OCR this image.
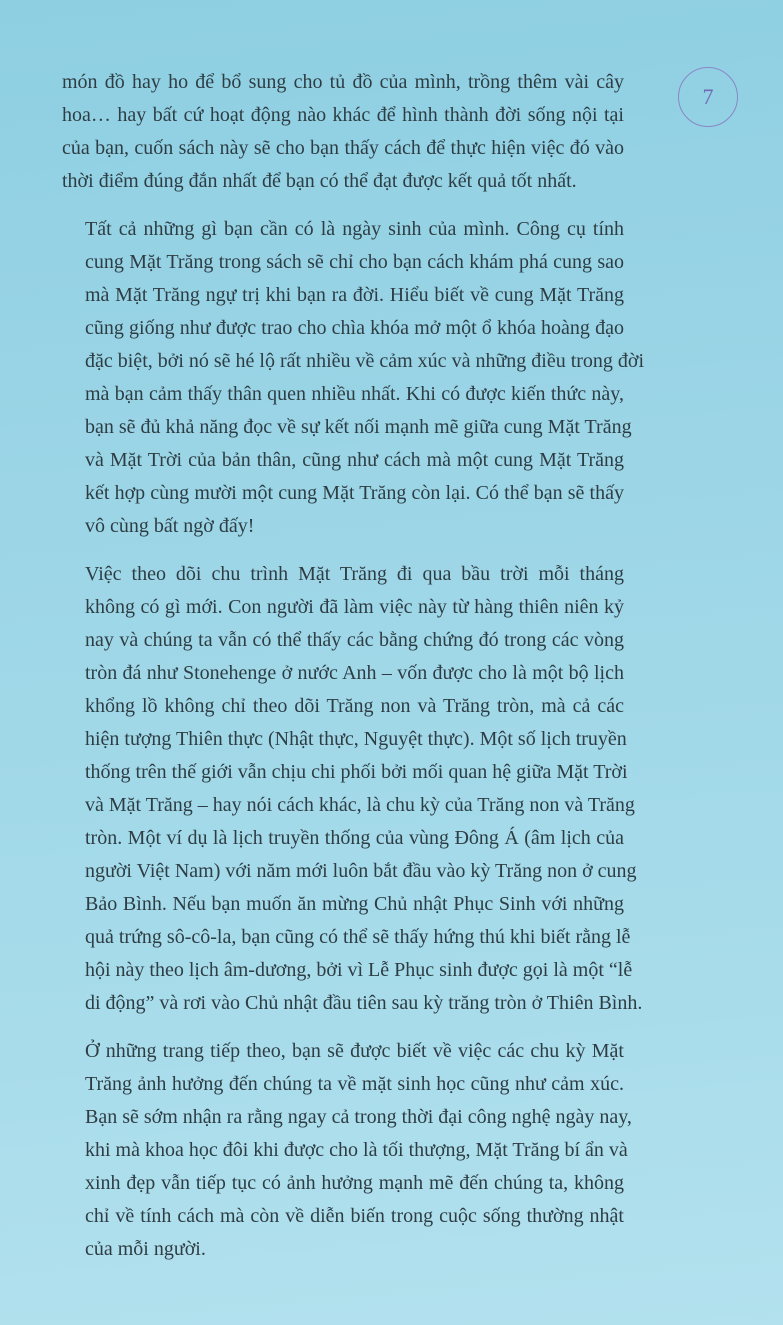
7

món đồ hay ho để bổ sung cho tủ đồ của mình, trồng thêm vài cây
hoa… hay bất cứ hoạt động nào khác để hình thành đời sống nội tại
của bạn, cuốn sách này sẽ cho bạn thấy cách để thực hiện việc đó vào
thời điểm đúng đắn nhất để bạn có thể đạt được kết quả tốt nhất.

Tất cả những gì bạn cần có là ngày sinh của mình. Công cụ tính
cung Mặt Trăng trong sách sẽ chỉ cho bạn cách khám phá cung sao
mà Mặt Trăng ngự trị khi bạn ra đời. Hiểu biết về cung Mặt Trăng
cũng giống như được trao cho chìa khóa mở một ổ khóa hoàng đạo
đặc biệt, bởi nó sẽ hé lộ rất nhiều về cảm xúc và những điều trong đời
mà bạn cảm thấy thân quen nhiều nhất. Khi có được kiến thức này,
bạn sẽ đủ khả năng đọc về sự kết nối mạnh mẽ giữa cung Mặt Trăng
và Mặt Trời của bản thân, cũng như cách mà một cung Mặt Trăng
kết hợp cùng mười một cung Mặt Trăng còn lại. Có thể bạn sẽ thấy
vô cùng bất ngờ đấy!

Việc theo dõi chu trình Mặt Trăng đi qua bầu trời mỗi tháng
không có gì mới. Con người đã làm việc này từ hàng thiên niên kỷ
nay và chúng ta vẫn có thể thấy các bằng chứng đó trong các vòng
tròn đá như Stonehenge ở nước Anh – vốn được cho là một bộ lịch
khổng lồ không chỉ theo dõi Trăng non và Trăng tròn, mà cả các
hiện tượng Thiên thực (Nhật thực, Nguyệt thực). Một số lịch truyền
thống trên thế giới vẫn chịu chi phối bởi mối quan hệ giữa Mặt Trời
và Mặt Trăng – hay nói cách khác, là chu kỳ của Trăng non và Trăng
tròn. Một ví dụ là lịch truyền thống của vùng Đông Á (âm lịch của
người Việt Nam) với năm mới luôn bắt đầu vào kỳ Trăng non ở cung
Bảo Bình. Nếu bạn muốn ăn mừng Chủ nhật Phục Sinh với những
quả trứng sô-cô-la, bạn cũng có thể sẽ thấy hứng thú khi biết rằng lễ
hội này theo lịch âm-dương, bởi vì Lễ Phục sinh được gọi là một “lễ
di động” và rơi vào Chủ nhật đầu tiên sau kỳ trăng tròn ở Thiên Bình.

Ở những trang tiếp theo, bạn sẽ được biết về việc các chu kỳ Mặt
Trăng ảnh hưởng đến chúng ta về mặt sinh học cũng như cảm xúc.
Bạn sẽ sớm nhận ra rằng ngay cả trong thời đại công nghệ ngày nay,
khi mà khoa học đôi khi được cho là tối thượng, Mặt Trăng bí ẩn và
xinh đẹp vẫn tiếp tục có ảnh hưởng mạnh mẽ đến chúng ta, không
chỉ về tính cách mà còn về diễn biến trong cuộc sống thường nhật
của mỗi người.
